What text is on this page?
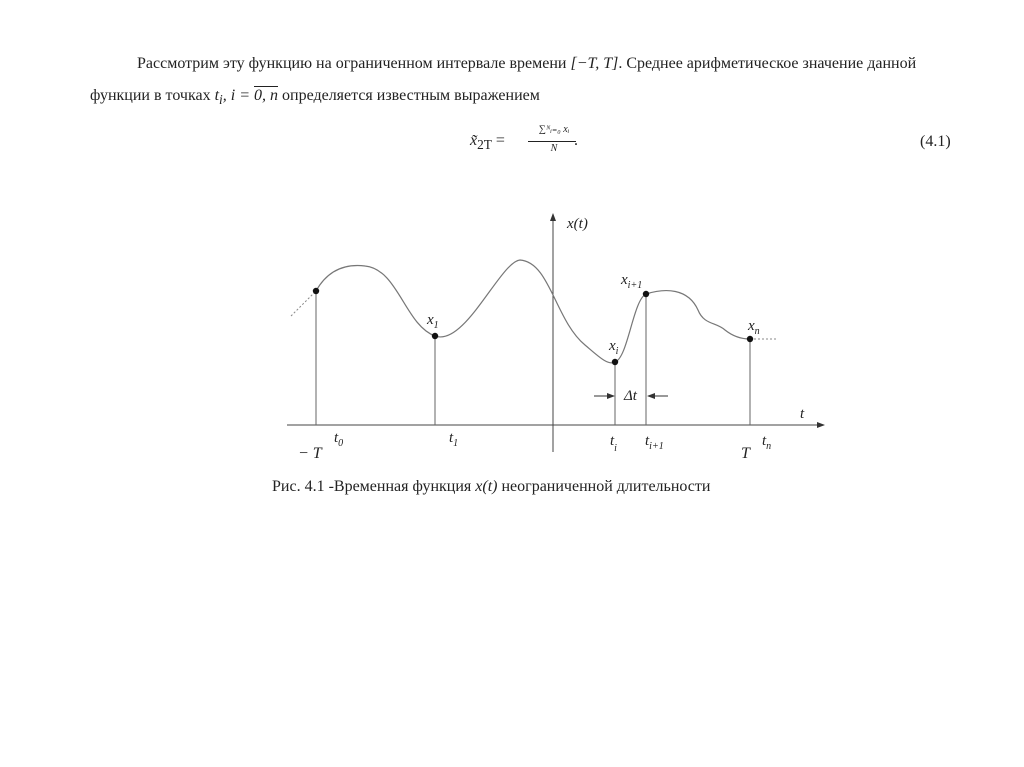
Рассмотрим эту функцию на ограниченном интервале времени [−T, T]. Среднее арифметическое значение данной функции в точках $t_i$, i = 0, n определяется известным выражением

$x̃_{2T}$ =
∑ᴺᵢ₌₀ xᵢ
N	.	(4.1)
Δt
x(t)
t
$x_1$
$x_i$
$x_{i+1}$
$x_n$
$t_0$	$t_1$	$t_i$ $t_{i+1}$	$t_n$
− T	T
Рис. 4.1 -Временная функция x(t) неограниченной длительности
